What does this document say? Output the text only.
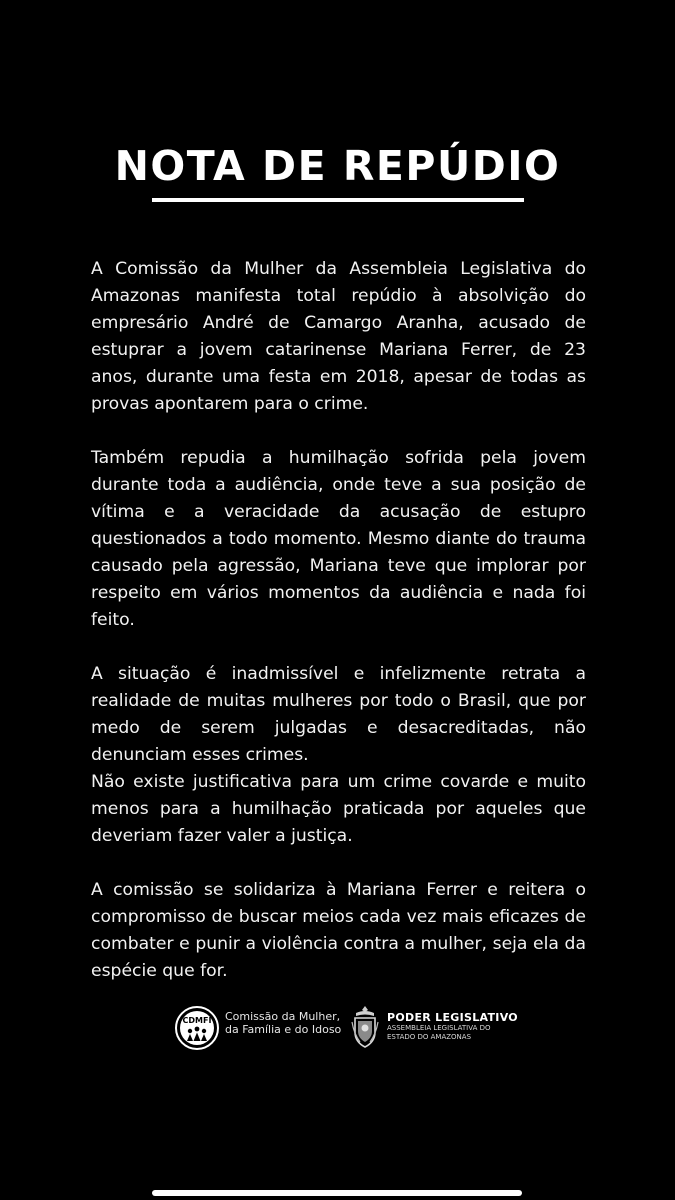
NOTA DE REPÚDIO

A Comissão da Mulher da Assembleia Legislativa do Amazonas manifesta total repúdio à absolvição do empresário André de Camargo Aranha, acusado de estuprar a jovem catarinense Mariana Ferrer, de 23 anos, durante uma festa em 2018, apesar de todas as provas apontarem para o crime.

Também repudia a humilhação sofrida pela jovem durante toda a audiência, onde teve a sua posição de vítima e a veracidade da acusação de estupro questionados a todo momento. Mesmo diante do trauma causado pela agressão, Mariana teve que implorar por respeito em vários momentos da audiência e nada foi feito.

A situação é inadmissível e infelizmente retrata a realidade de muitas mulheres por todo o Brasil, que por medo de serem julgadas e desacreditadas, não denunciam esses crimes.

Não existe justificativa para um crime covarde e muito menos para a humilhação praticada por aqueles que deveriam fazer valer a justiça.

A comissão se solidariza à Mariana Ferrer e reitera o compromisso de buscar meios cada vez mais eficazes de combater e punir a violência contra a mulher, seja ela da espécie que for.

CDMFI Comissão da Mulher,
da Família e do Idoso
PODER LEGISLATIVO
ASSEMBLEIA LEGISLATIVA DO
ESTADO DO AMAZONAS
